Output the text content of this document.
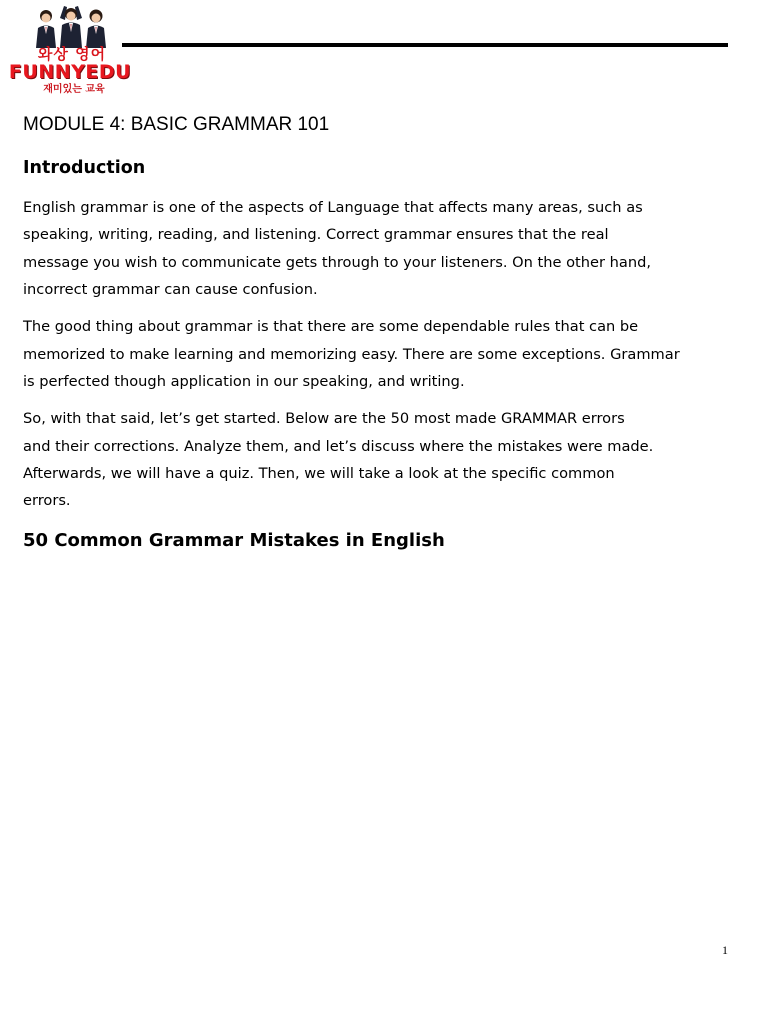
와상 영어
FUNNYEDU
재미있는 교육
MODULE 4: BASIC GRAMMAR 101
Introduction

English grammar is one of the aspects of Language that affects many areas, such as

speaking, writing, reading, and listening. Correct grammar ensures that the real

message you wish to communicate gets through to your listeners. On the other hand,

incorrect grammar can cause confusion.

The good thing about grammar is that there are some dependable rules that can be

memorized to make learning and memorizing easy. There are some exceptions. Grammar

is perfected though application in our speaking, and writing.

So, with that said, let’s get started. Below are the 50 most made GRAMMAR errors

and their corrections. Analyze them, and let’s discuss where the mistakes were made.

Afterwards, we will have a quiz. Then, we will take a look at the specific common

errors.

50 Common Grammar Mistakes in English
1
